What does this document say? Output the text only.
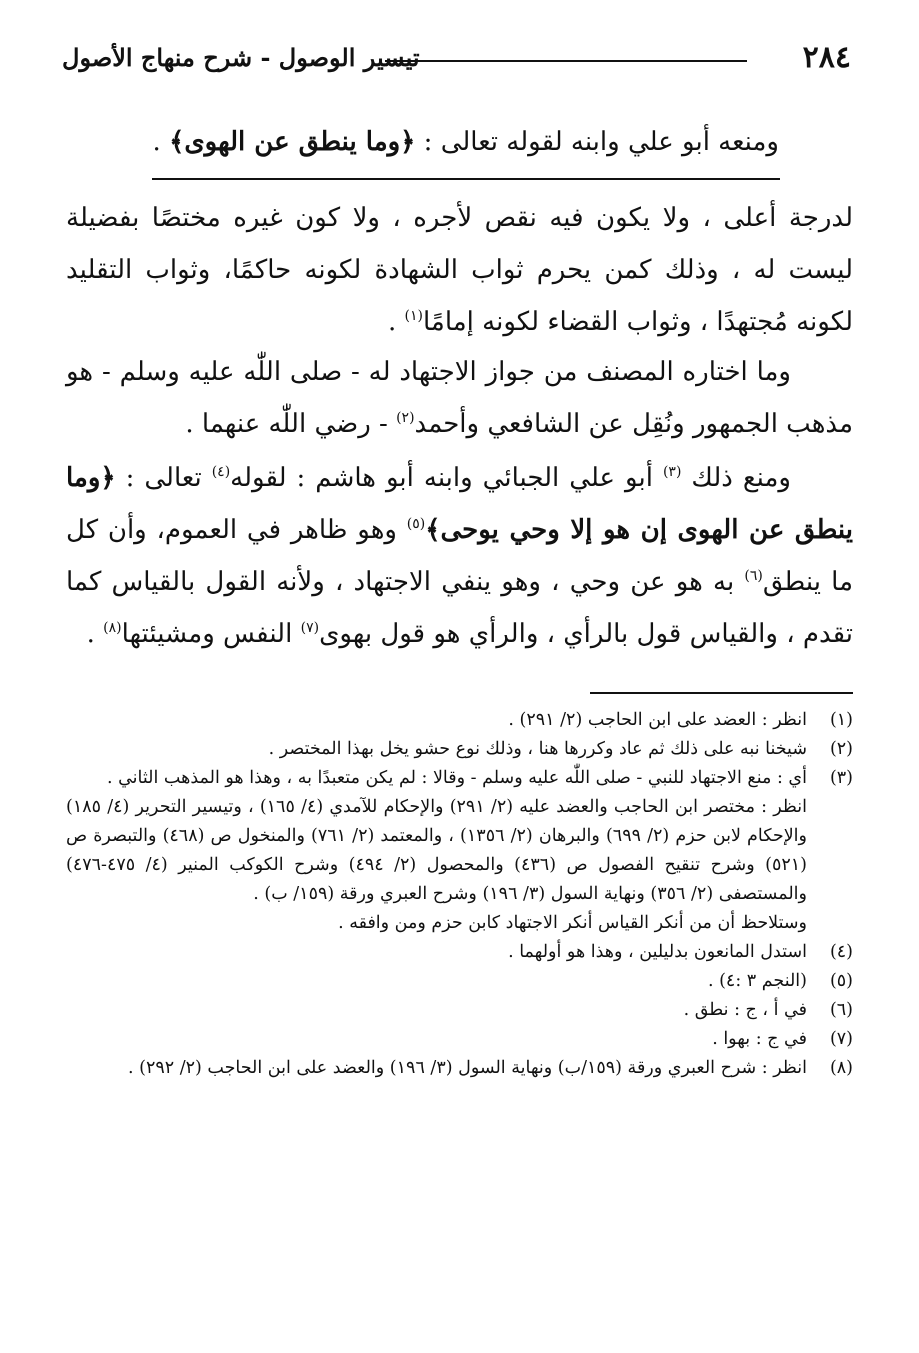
٢٨٤
تيسير الوصول - شرح منهاج الأصول
ومنعه أبو علي وابنه لقوله تعالى : ﴿وما ينطق عن الهوى﴾ .
لدرجة أعلى ، ولا يكون فيه نقص لأجره ، ولا كون غيره مختصًا بفضيلة ليست له ، وذلك كمن يحرم ثواب الشهادة لكونه حاكمًا، وثواب التقليد لكونه مُجتهدًا ، وثواب القضاء لكونه إمامًا$^{(١)}$ .
وما اختاره المصنف من جواز الاجتهاد له - صلى اللّٰه عليه وسلم - هو مذهب الجمهور ونُقِل عن الشافعي وأحمد$^{(٢)}$ - رضي اللّٰه عنهما .
ومنع ذلك $^{(٣)}$ أبو علي الجبائي وابنه أبو هاشم : لقوله$^{(٤)}$ تعالى : ﴿وما ينطق عن الهوى إن هو إلا وحي يوحى﴾$^{(٥)}$ وهو ظاهر في العموم، وأن كل ما ينطق$^{(٦)}$ به هو عن وحي ، وهو ينفي الاجتهاد ، ولأنه القول بالقياس كما تقدم ، والقياس قول بالرأي ، والرأي هو قول بهوى$^{(٧)}$ النفس ومشيئتها$^{(٨)}$ .
(١)
انظر : العضد على ابن الحاجب (٢/ ٢٩١) .
(٢)
شيخنا نبه على ذلك ثم عاد وكررها هنا ، وذلك نوع حشو يخل بهذا المختصر .
(٣)
أي : منع الاجتهاد للنبي - صلى اللّٰه عليه وسلم - وقالا : لم يكن متعبدًا به ، وهذا هو المذهب الثاني .
انظر : مختصر ابن الحاجب والعضد عليه (٢/ ٢٩١) والإحكام للآمدي (٤/ ١٦٥) ، وتيسير التحرير (٤/ ١٨٥) والإحكام لابن حزم (٢/ ٦٩٩) والبرهان (٢/ ١٣٥٦) ، والمعتمد (٢/ ٧٦١) والمنخول ص (٤٦٨) والتبصرة ص (٥٢١) وشرح تنقيح الفصول ص (٤٣٦) والمحصول (٢/ ٤٩٤) وشرح الكوكب المنير (٤/ ٤٧٥-٤٧٦) والمستصفى (٢/ ٣٥٦) ونهاية السول (٣/ ١٩٦) وشرح العبري ورقة (١٥٩/ ب) .
وستلاحظ أن من أنكر القياس أنكر الاجتهاد كابن حزم ومن وافقه .
(٤)
استدل المانعون بدليلين ، وهذا هو أولهما .
(٥)
(النجم ٣ :٤) .
(٦)
في أ ، ج : نطق .
(٧)
في ج : بهوا .
(٨)
انظر : شرح العبري ورقة (١٥٩/ب) ونهاية السول (٣/ ١٩٦) والعضد على ابن الحاجب (٢/ ٢٩٢) .
